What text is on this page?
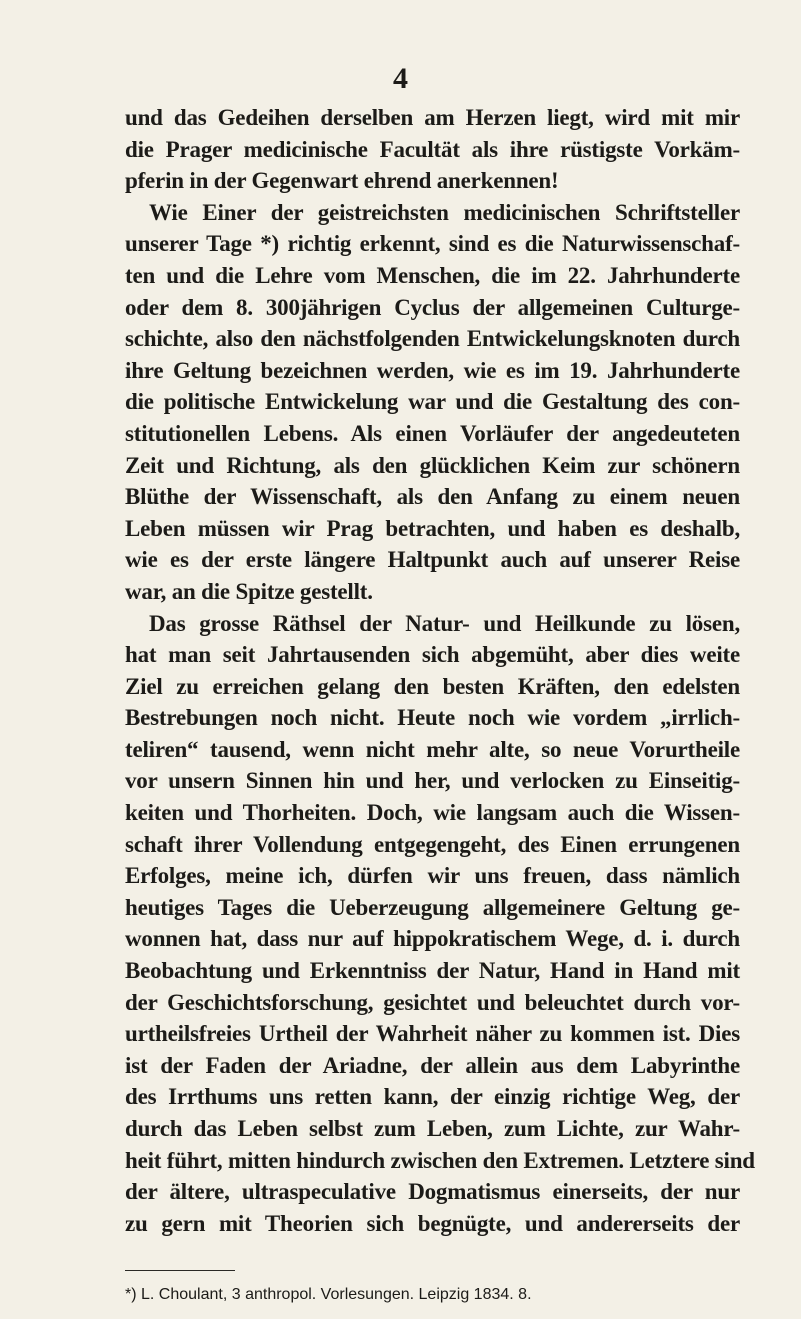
4
und das Gedeihen derselben am Herzen liegt, wird mit mir
die Prager medicinische Facultät als ihre rüstigste Vorkäm-
pferin in der Gegenwart ehrend anerkennen!
Wie Einer der geistreichsten medicinischen Schriftsteller
unserer Tage *) richtig erkennt, sind es die Naturwissenschaf-
ten und die Lehre vom Menschen, die im 22. Jahrhunderte
oder dem 8. 300jährigen Cyclus der allgemeinen Culturge-
schichte, also den nächstfolgenden Entwickelungsknoten durch
ihre Geltung bezeichnen werden, wie es im 19. Jahrhunderte
die politische Entwickelung war und die Gestaltung des con-
stitutionellen Lebens. Als einen Vorläufer der angedeuteten
Zeit und Richtung, als den glücklichen Keim zur schönern
Blüthe der Wissenschaft, als den Anfang zu einem neuen
Leben müssen wir Prag betrachten, und haben es deshalb,
wie es der erste längere Haltpunkt auch auf unserer Reise
war, an die Spitze gestellt.
Das grosse Räthsel der Natur- und Heilkunde zu lösen,
hat man seit Jahrtausenden sich abgemüht, aber dies weite
Ziel zu erreichen gelang den besten Kräften, den edelsten
Bestrebungen noch nicht. Heute noch wie vordem „irrlich-
teliren“ tausend, wenn nicht mehr alte, so neue Vorurtheile
vor unsern Sinnen hin und her, und verlocken zu Einseitig-
keiten und Thorheiten. Doch, wie langsam auch die Wissen-
schaft ihrer Vollendung entgegengeht, des Einen errungenen
Erfolges, meine ich, dürfen wir uns freuen, dass nämlich
heutiges Tages die Ueberzeugung allgemeinere Geltung ge-
wonnen hat, dass nur auf hippokratischem Wege, d. i. durch
Beobachtung und Erkenntniss der Natur, Hand in Hand mit
der Geschichtsforschung, gesichtet und beleuchtet durch vor-
urtheilsfreies Urtheil der Wahrheit näher zu kommen ist. Dies
ist der Faden der Ariadne, der allein aus dem Labyrinthe
des Irrthums uns retten kann, der einzig richtige Weg, der
durch das Leben selbst zum Leben, zum Lichte, zur Wahr-
heit führt, mitten hindurch zwischen den Extremen. Letztere sind
der ältere, ultraspeculative Dogmatismus einerseits, der nur
zu gern mit Theorien sich begnügte, und andererseits der
*) L. Choulant, 3 anthropol. Vorlesungen. Leipzig 1834. 8.
